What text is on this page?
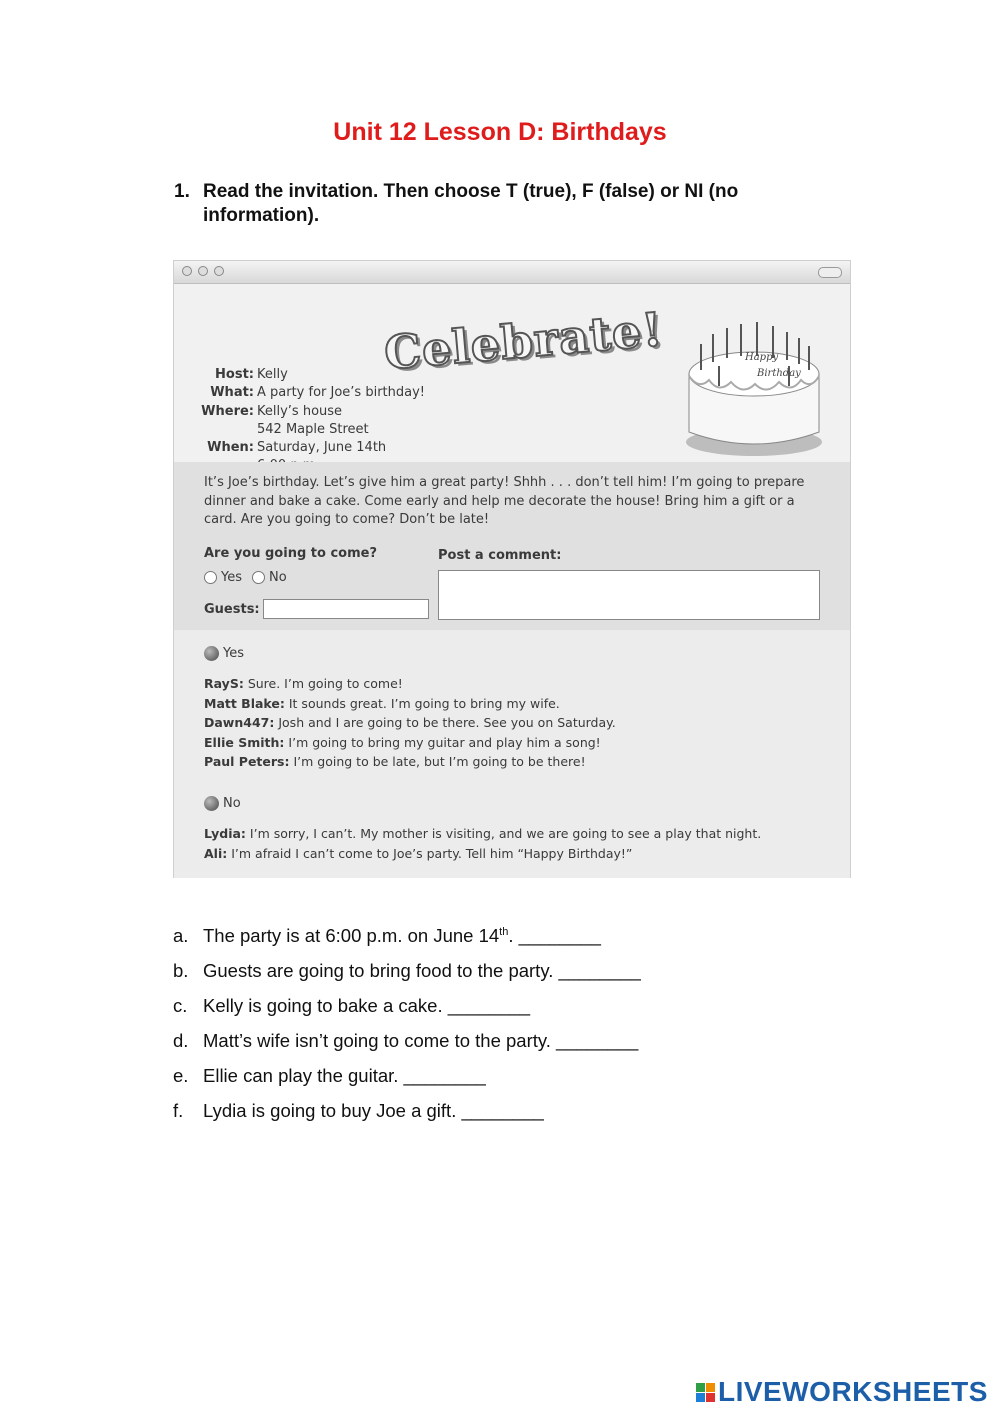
Unit 12 Lesson D: Birthdays
1. Read the invitation. Then choose T (true), F (false) or NI (no information).
Celebrate!
Host: Kelly
What: A party for Joe’s birthday!
Where: Kelly’s house
542 Maple Street
When: Saturday, June 14th
Happy
Birthday
It’s Joe’s birthday. Let’s give him a great party! Shhh . . . don’t tell him! I’m going to prepare dinner and bake a cake. Come early and help me decorate the house! Bring him a gift or a card. Are you going to come? Don’t be late!
Are you going to come?
Yes No
Guests:
Post a comment:
Yes
RayS: Sure. I’m going to come!
Matt Blake: It sounds great. I’m going to bring my wife.
Dawn447: Josh and I are going to be there. See you on Saturday.
Ellie Smith: I’m going to bring my guitar and play him a song!
Paul Peters: I’m going to be late, but I’m going to be there!
No
Lydia: I’m sorry, I can’t. My mother is visiting, and we are going to see a play that night.
Ali: I’m afraid I can’t come to Joe’s party. Tell him “Happy Birthday!”
a. The party is at 6:00 p.m. on June 14th. ________
b. Guests are going to bring food to the party. ________
c. Kelly is going to bake a cake. ________
d. Matt’s wife isn’t going to come to the party. ________
e. Ellie can play the guitar. ________
f.	Lydia is going to buy Joe a gift. ________
LIVEWORKSHEETS
